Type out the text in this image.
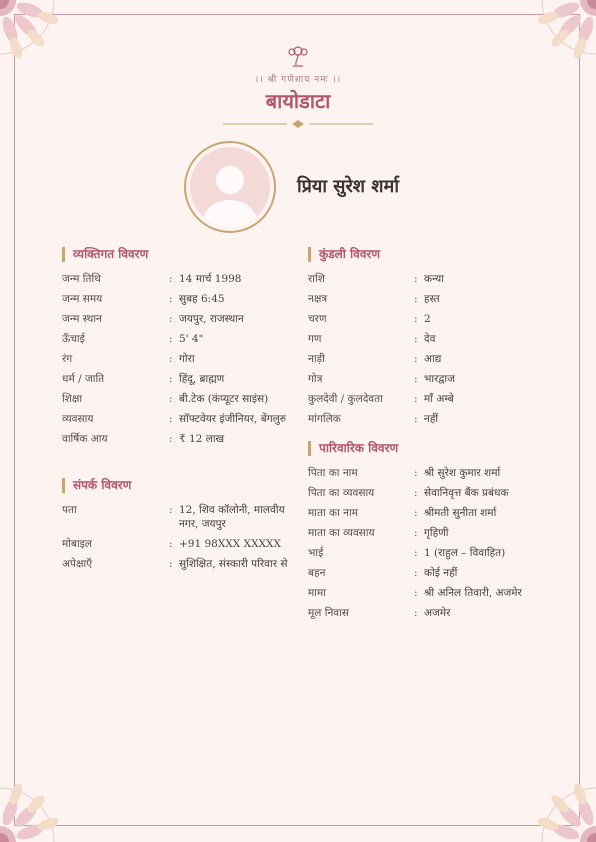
।। श्री गणेशाय नमः ।।
बायोडाटा
प्रिया सुरेश शर्मा
व्यक्तिगत विवरण
जन्म तिथि	: 14 मार्च 1998
जन्म समय	: सुबह 6:45
जन्म स्थान	: जयपुर, राजस्थान
ऊँचाई	: 5' 4"
रंग	: गोरा
धर्म / जाति	: हिंदू, ब्राह्मण
शिक्षा	: बी.टेक (कंप्यूटर साइंस)
व्यवसाय	: सॉफ्टवेयर इंजीनियर, बेंगलुरु
वार्षिक आय	: ₹ 12 लाख
संपर्क विवरण
पता	: 12, शिव कॉलोनी, मालवीय नगर, जयपुर
मोबाइल	: +91 98XXX XXXXX
अपेक्षाएँ	: सुशिक्षित, संस्कारी परिवार से
कुंडली विवरण
राशि	: कन्या
नक्षत्र	: हस्त
चरण	: 2
गण	: देव
नाड़ी	: आद्य
गोत्र	: भारद्वाज
कुलदेवी / कुलदेवता	: माँ अम्बे
मांगलिक	: नहीं
पारिवारिक विवरण
पिता का नाम	: श्री सुरेश कुमार शर्मा
पिता का व्यवसाय	: सेवानिवृत्त बैंक प्रबंधक
माता का नाम	: श्रीमती सुनीता शर्मा
माता का व्यवसाय	: गृहिणी
भाई	: 1 (राहुल – विवाहित)
बहन	: कोई नहीं
मामा	: श्री अनिल तिवारी, अजमेर
मूल निवास	: अजमेर
